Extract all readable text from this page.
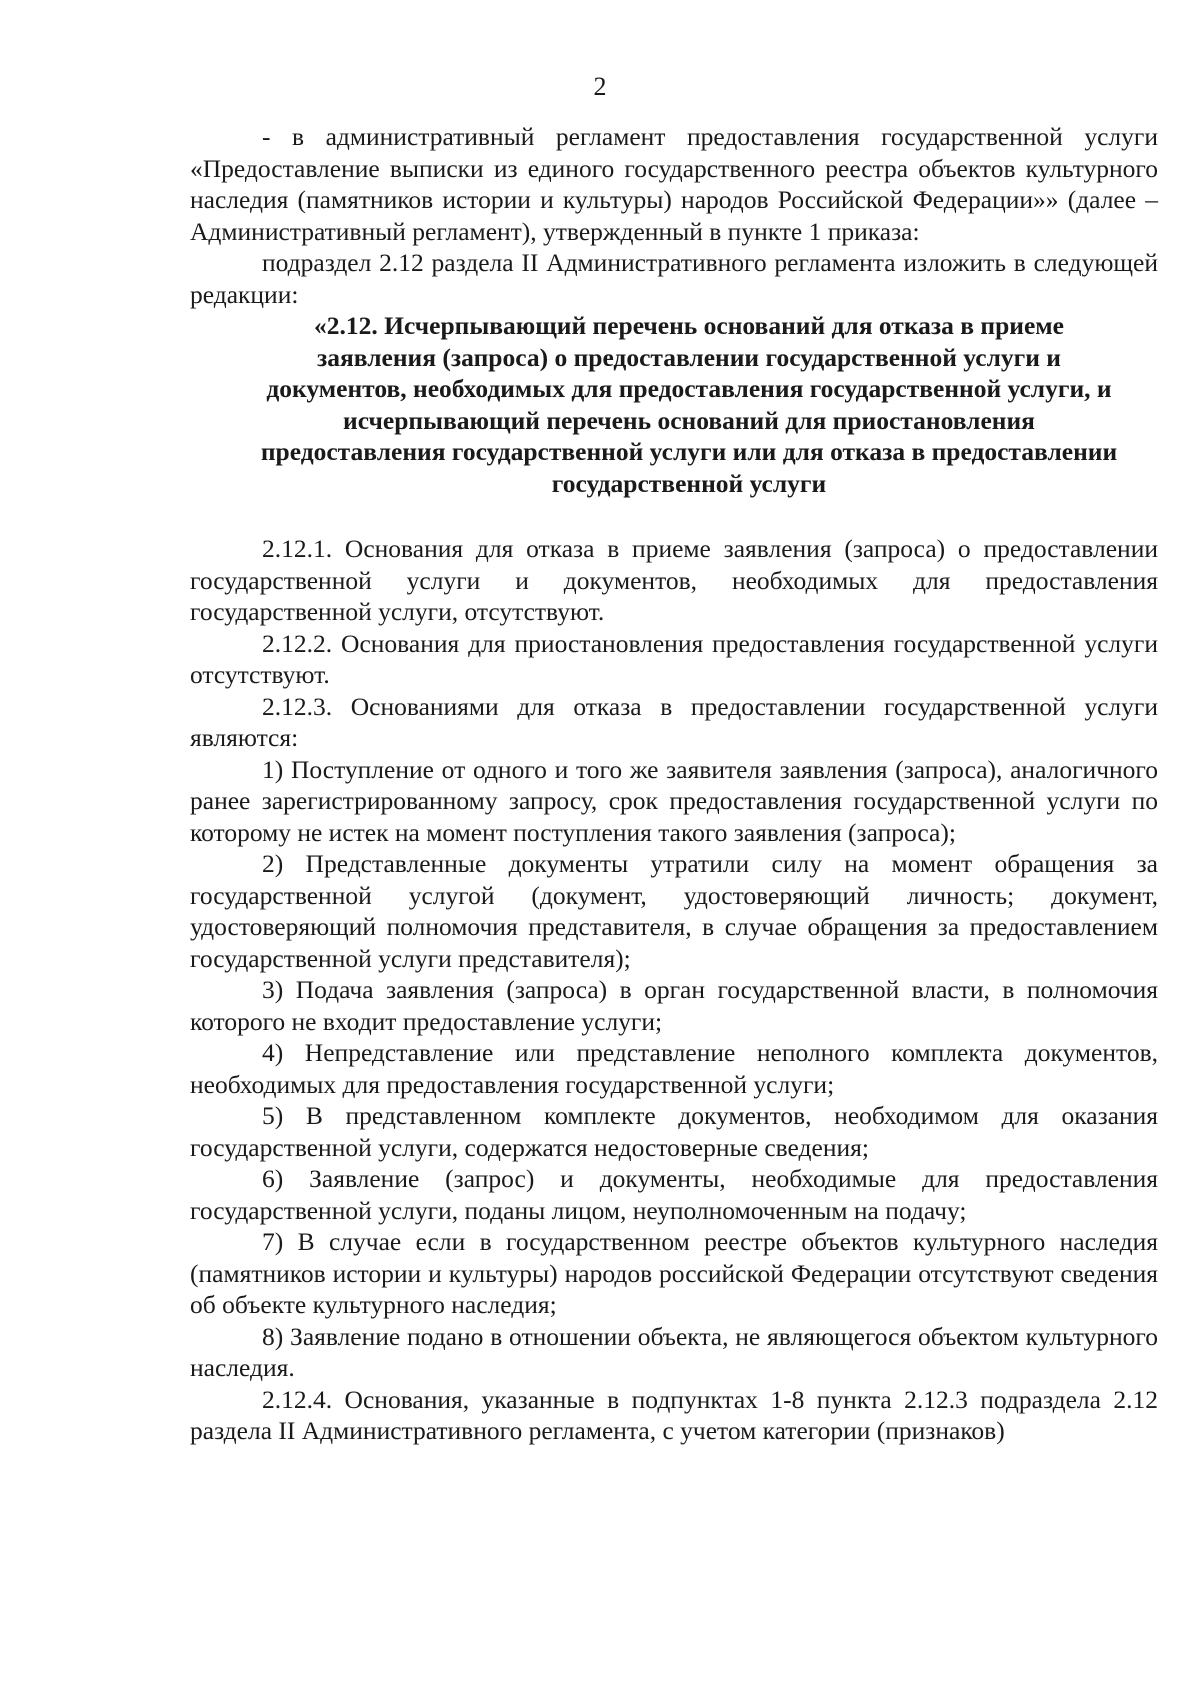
2

- в административный регламент предоставления государственной услуги «Предоставление выписки из единого государственного реестра объектов культурного наследия (памятников истории и культуры) народов Российской Федерации»» (далее – Административный регламент), утвержденный в пункте 1 приказа:

подраздел 2.12 раздела II Административного регламента изложить в следующей редакции:

«2.12. Исчерпывающий перечень оснований для отказа в приеме заявления (запроса) о предоставлении государственной услуги и документов, необходимых для предоставления государственной услуги, и исчерпывающий перечень оснований для приостановления предоставления государственной услуги или для отказа в предоставлении государственной услуги

2.12.1. Основания для отказа в приеме заявления (запроса) о предоставлении государственной услуги и документов, необходимых для предоставления государственной услуги, отсутствуют.

2.12.2. Основания для приостановления предоставления государственной услуги отсутствуют.

2.12.3. Основаниями для отказа в предоставлении государственной услуги являются:

1) Поступление от одного и того же заявителя заявления (запроса), аналогичного ранее зарегистрированному запросу, срок предоставления государственной услуги по которому не истек на момент поступления такого заявления (запроса);

2) Представленные документы утратили силу на момент обращения за государственной услугой (документ, удостоверяющий личность; документ, удостоверяющий полномочия представителя, в случае обращения за предоставлением государственной услуги представителя);

3) Подача заявления (запроса) в орган государственной власти, в полномочия которого не входит предоставление услуги;

4) Непредставление или представление неполного комплекта документов, необходимых для предоставления государственной услуги;

5) В представленном комплекте документов, необходимом для оказания государственной услуги, содержатся недостоверные сведения;

6) Заявление (запрос) и документы, необходимые для предоставления государственной услуги, поданы лицом, неуполномоченным на подачу;

7) В случае если в государственном реестре объектов культурного наследия (памятников истории и культуры) народов российской Федерации отсутствуют сведения об объекте культурного наследия;

8) Заявление подано в отношении объекта, не являющегося объектом культурного наследия.

2.12.4. Основания, указанные в подпунктах 1-8 пункта 2.12.3 подраздела 2.12 раздела II Административного регламента, с учетом категории (признаков)
